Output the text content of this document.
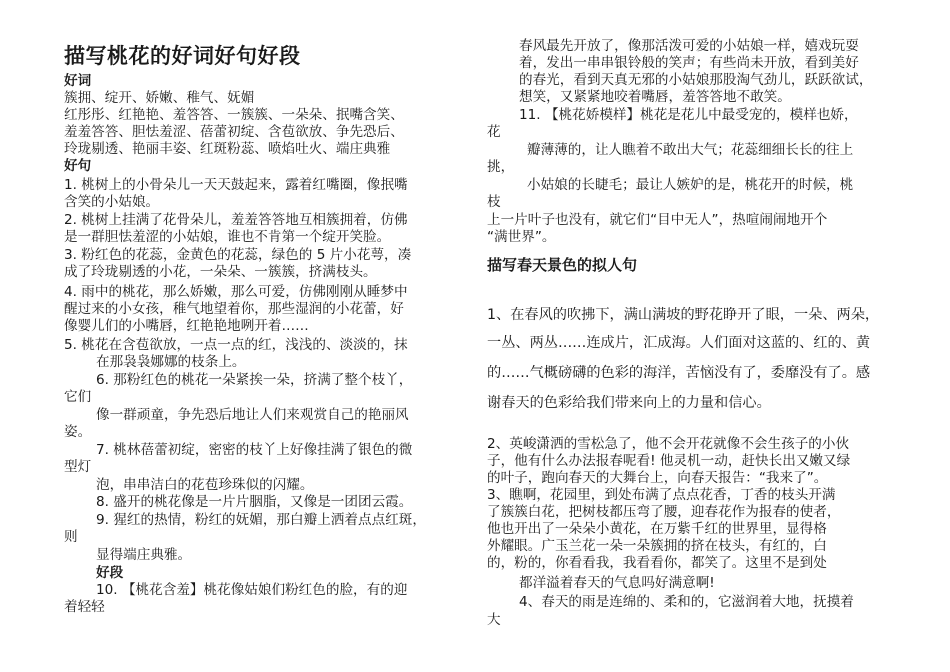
描写桃花的好词好句好段
好词
簇拥、绽开、娇嫩、稚气、妩媚
红彤彤、红艳艳、羞答答、一簇簇、一朵朵、抿嘴含笑、
羞羞答答、胆怯羞涩、蓓蕾初绽、含苞欲放、争先恐后、
玲珑剔透、艳丽丰姿、红斑粉蕊、喷焰吐火、端庄典雅
好句
1. 桃树上的小骨朵儿一天天鼓起来，露着红嘴圈，像抿嘴
含笑的小姑娘。
2. 桃树上挂满了花骨朵儿，羞羞答答地互相簇拥着，仿佛
是一群胆怯羞涩的小姑娘，谁也不肯第一个绽开笑脸。
3. 粉红色的花蕊，金黄色的花蕊，绿色的 5 片小花萼，凑
成了玲珑剔透的小花，一朵朵、一簇簇，挤满枝头。
4. 雨中的桃花，那么娇嫩，那么可爱，仿佛刚刚从睡梦中
醒过来的小女孩，稚气地望着你，那些湿润的小花蕾，好
像婴儿们的小嘴唇，红艳艳地咧开着……
5. 桃花在含苞欲放，一点一点的红，浅浅的、淡淡的，抹
在那袅袅娜娜的枝条上。
6. 那粉红色的桃花一朵紧挨一朵，挤满了整个枝丫，
它们
像一群顽童，争先恐后地让人们来观赏自己的艳丽风
姿。
7. 桃林蓓蕾初绽，密密的枝丫上好像挂满了银色的微
型灯
泡，串串洁白的花苞珍珠似的闪耀。
8. 盛开的桃花像是一片片胭脂，又像是一团团云霞。
9. 猩红的热情，粉红的妩媚，那白瓣上洒着点点红斑，
则
显得端庄典雅。
好段
10. 【桃花含羞】桃花像姑娘们粉红色的脸，有的迎
着轻轻
春风最先开放了，像那活泼可爱的小姑娘一样，嬉戏玩耍
着，发出一串串银铃般的笑声；有些尚未开放，看到美好
的春光，看到天真无邪的小姑娘那股淘气劲儿，跃跃欲试，
想笑，又紧紧地咬着嘴唇，羞答答地不敢笑。
11. 【桃花娇模样】桃花是花儿中最受宠的，模样也娇，
花
瓣薄薄的，让人瞧着不敢出大气；花蕊细细长长的往上
挑，
小姑娘的长睫毛；最让人嫉妒的是，桃花开的时候，桃
枝
上一片叶子也没有，就它们“目中无人”，热喧闹闹地开个
“满世界”。
描写春天景色的拟人句
1、在春风的吹拂下，满山满坡的野花睁开了眼，一朵、两朵，
一丛、两丛……连成片，汇成海。人们面对这蓝的、红的、黄
的……气概磅礴的色彩的海洋，苦恼没有了，委靡没有了。感
谢春天的色彩给我们带来向上的力量和信心。
2、英峻潇洒的雪松急了，他不会开花就像不会生孩子的小伙
子，他有什么办法报春呢看! 他灵机一动，赶快长出又嫩又绿
的叶子，跑向春天的大舞台上，向春天报告：“我来了”。
3、瞧啊，花园里，到处布满了点点花香，丁香的枝头开满
了簇簇白花，把树枝都压弯了腰，迎春花作为报春的使者，
他也开出了一朵朵小黄花，在万紫千红的世界里，显得格
外耀眼。广玉兰花一朵一朵簇拥的挤在枝头，有红的，白
的，粉的，你看看我，我看看你，都笑了。这里不是到处
都洋溢着春天的气息吗好满意啊!
4、春天的雨是连绵的、柔和的，它滋润着大地，抚摸着
大
